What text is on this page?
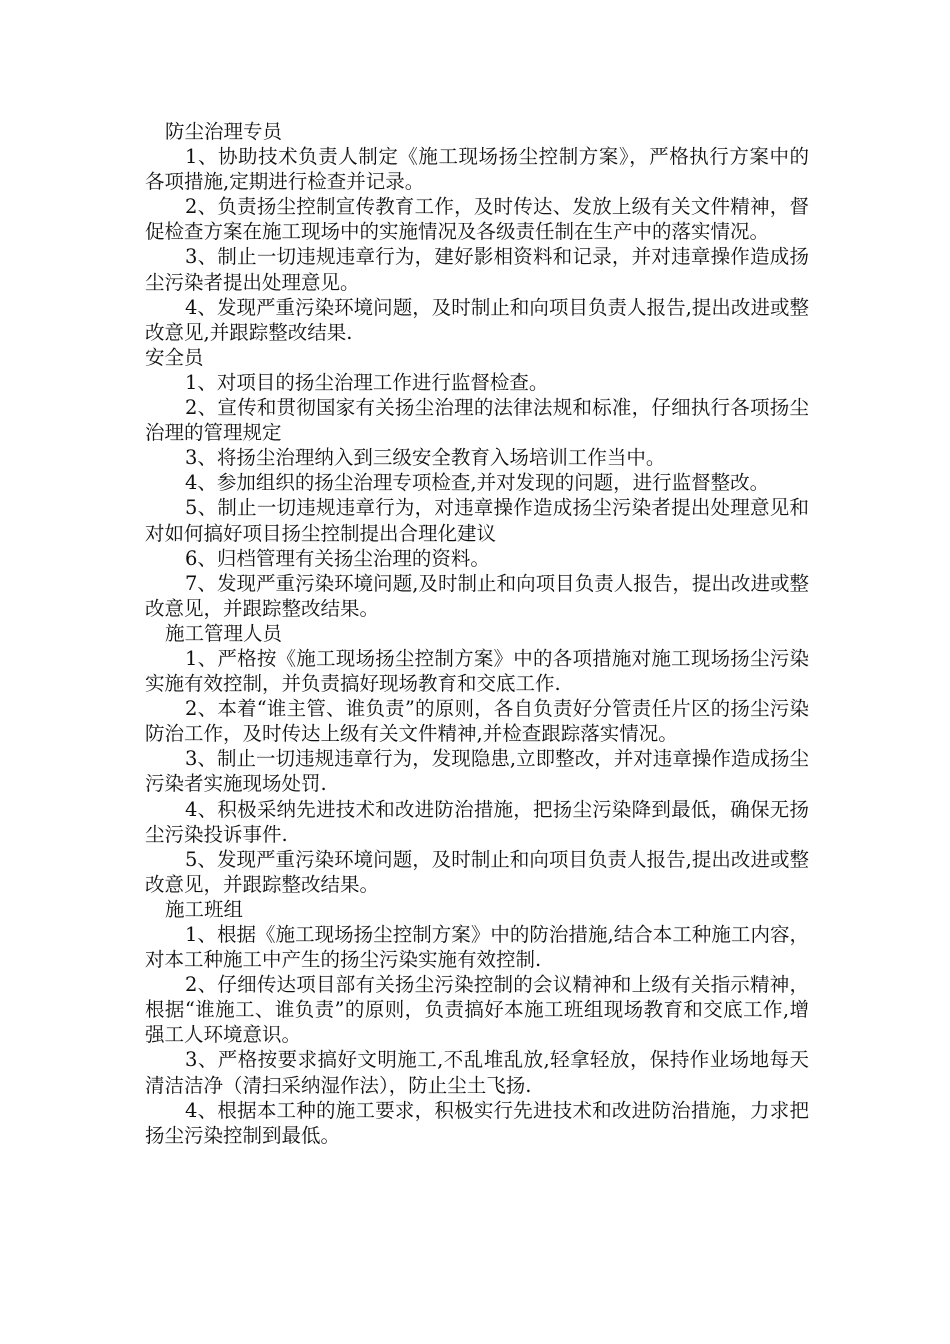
防尘治理专员
1、协助技术负责人制定《施工现场扬尘控制方案》，严格执行方案中的各项措施,定期进行检查并记录。
2、负责扬尘控制宣传教育工作，及时传达、发放上级有关文件精神，督促检查方案在施工现场中的实施情况及各级责任制在生产中的落实情况。
3、制止一切违规违章行为，建好影相资料和记录，并对违章操作造成扬尘污染者提出处理意见。
4、发现严重污染环境问题，及时制止和向项目负责人报告,提出改进或整改意见,并跟踪整改结果.
安全员
1、对项目的扬尘治理工作进行监督检查。
2、宣传和贯彻国家有关扬尘治理的法律法规和标准，仔细执行各项扬尘治理的管理规定
3、将扬尘治理纳入到三级安全教育入场培训工作当中。
4、参加组织的扬尘治理专项检查,并对发现的问题，进行监督整改。
5、制止一切违规违章行为，对违章操作造成扬尘污染者提出处理意见和对如何搞好项目扬尘控制提出合理化建议
6、归档管理有关扬尘治理的资料。
7、发现严重污染环境问题,及时制止和向项目负责人报告，提出改进或整改意见，并跟踪整改结果。
施工管理人员
1、严格按《施工现场扬尘控制方案》中的各项措施对施工现场扬尘污染实施有效控制，并负责搞好现场教育和交底工作.
2、本着“谁主管、谁负责”的原则，各自负责好分管责任片区的扬尘污染防治工作，及时传达上级有关文件精神,并检查跟踪落实情况。
3、制止一切违规违章行为，发现隐患,立即整改，并对违章操作造成扬尘污染者实施现场处罚.
4、积极采纳先进技术和改进防治措施，把扬尘污染降到最低，确保无扬尘污染投诉事件.
5、发现严重污染环境问题，及时制止和向项目负责人报告,提出改进或整改意见，并跟踪整改结果。
施工班组
1、根据《施工现场扬尘控制方案》中的防治措施,结合本工种施工内容，对本工种施工中产生的扬尘污染实施有效控制.
2、仔细传达项目部有关扬尘污染控制的会议精神和上级有关指示精神，根据“谁施工、谁负责”的原则，负责搞好本施工班组现场教育和交底工作,增强工人环境意识。
3、严格按要求搞好文明施工,不乱堆乱放,轻拿轻放，保持作业场地每天清洁洁净（清扫采纳湿作法），防止尘土飞扬.
4、根据本工种的施工要求，积极实行先进技术和改进防治措施，力求把扬尘污染控制到最低。
